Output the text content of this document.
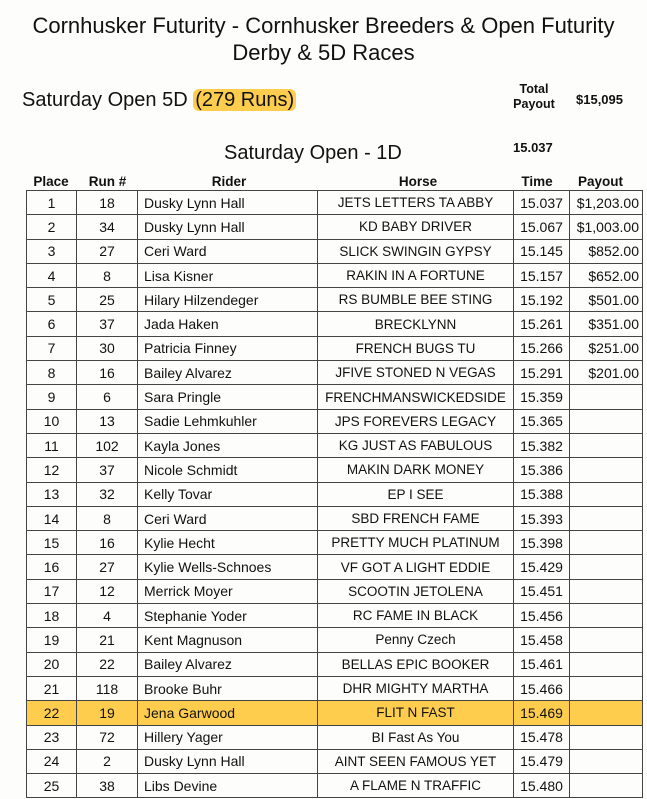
Cornhusker Futurity - Cornhusker Breeders & Open Futurity
Derby & 5D Races
Saturday Open 5D (279 Runs)	Total Payout	$15,095
Saturday Open - 1D	15.037
Place	Run #	Rider	Horse	Time	Payout
1	18	Dusky Lynn Hall	JETS LETTERS TA ABBY	15.037	$1,203.00
2	34	Dusky Lynn Hall	KD BABY DRIVER	15.067	$1,003.00
3	27	Ceri Ward	SLICK SWINGIN GYPSY	15.145	$852.00
4	8	Lisa Kisner	RAKIN IN A FORTUNE	15.157	$652.00
5	25	Hilary Hilzendeger	RS BUMBLE BEE STING	15.192	$501.00
6	37	Jada Haken	BRECKLYNN	15.261	$351.00
7	30	Patricia Finney	FRENCH BUGS TU	15.266	$251.00
8	16	Bailey Alvarez	JFIVE STONED N VEGAS	15.291	$201.00
9	6	Sara Pringle	FRENCHMANSWICKEDSIDE	15.359	
10	13	Sadie Lehmkuhler	JPS FOREVERS LEGACY	15.365	
11	102	Kayla Jones	KG JUST AS FABULOUS	15.382	
12	37	Nicole Schmidt	MAKIN DARK MONEY	15.386	
13	32	Kelly Tovar	EP I SEE	15.388	
14	8	Ceri Ward	SBD FRENCH FAME	15.393	
15	16	Kylie Hecht	PRETTY MUCH PLATINUM	15.398	
16	27	Kylie Wells-Schnoes	VF GOT A LIGHT EDDIE	15.429	
17	12	Merrick Moyer	SCOOTIN JETOLENA	15.451	
18	4	Stephanie Yoder	RC FAME IN BLACK	15.456	
19	21	Kent Magnuson	Penny Czech	15.458	
20	22	Bailey Alvarez	BELLAS EPIC BOOKER	15.461	
21	118	Brooke Buhr	DHR MIGHTY MARTHA	15.466	
22	19	Jena Garwood	FLIT N FAST	15.469	
23	72	Hillery Yager	BI Fast As You	15.478	
24	2	Dusky Lynn Hall	AINT SEEN FAMOUS YET	15.479	
25	38	Libs Devine	A FLAME N TRAFFIC	15.480	
